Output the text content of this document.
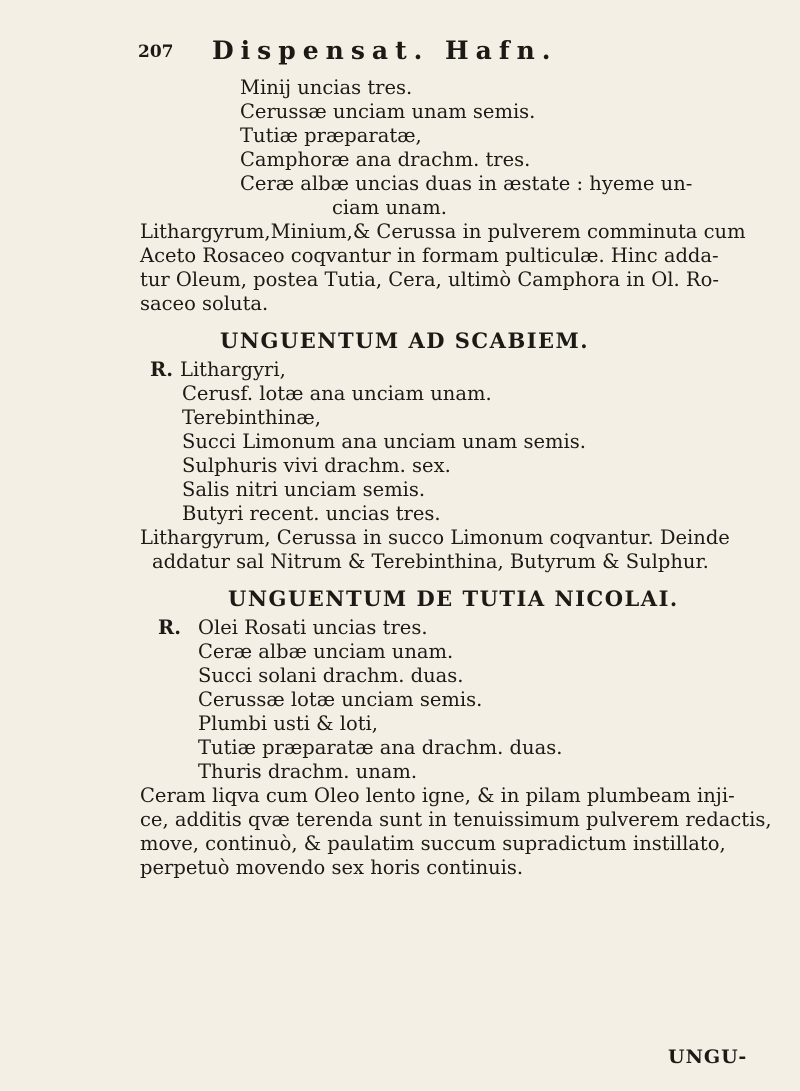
207 Dispensat. Hafn.
Minij uncias tres.
Cerussæ unciam unam semis.
Tutiæ præparatæ,
Camphoræ ana drachm. tres.
Ceræ albæ uncias duas in æstate : hyeme un-
ciam unam.
Lithargyrum,Minium,& Cerussa in pulverem comminuta cum
Aceto Rosaceo coqvantur in formam pulticulæ. Hinc adda-
tur Oleum, postea Tutia, Cera, ultimò Camphora in Ol. Ro-
saceo soluta.
UNGUENTUM AD SCABIEM.
R. Lithargyri,
Cerusf. lotæ ana unciam unam.
Terebinthinæ,
Succi Limonum ana unciam unam semis.
Sulphuris vivi drachm. sex.
Salis nitri unciam semis.
Butyri recent. uncias tres.
Lithargyrum, Cerussa in succo Limonum coqvantur. Deinde
addatur sal Nitrum & Terebinthina, Butyrum & Sulphur.
UNGUENTUM DE TUTIA NICOLAI.
R. Olei Rosati uncias tres.
Ceræ albæ unciam unam.
Succi solani drachm. duas.
Cerussæ lotæ unciam semis.
Plumbi usti & loti,
Tutiæ præparatæ ana drachm. duas.
Thuris drachm. unam.
Ceram liqva cum Oleo lento igne, & in pilam plumbeam inji-
ce, additis qvæ terenda sunt in tenuissimum pulverem redactis,
move, continuò, & paulatim succum supradictum instillato,
perpetuò movendo sex horis continuis.
UNGU-
